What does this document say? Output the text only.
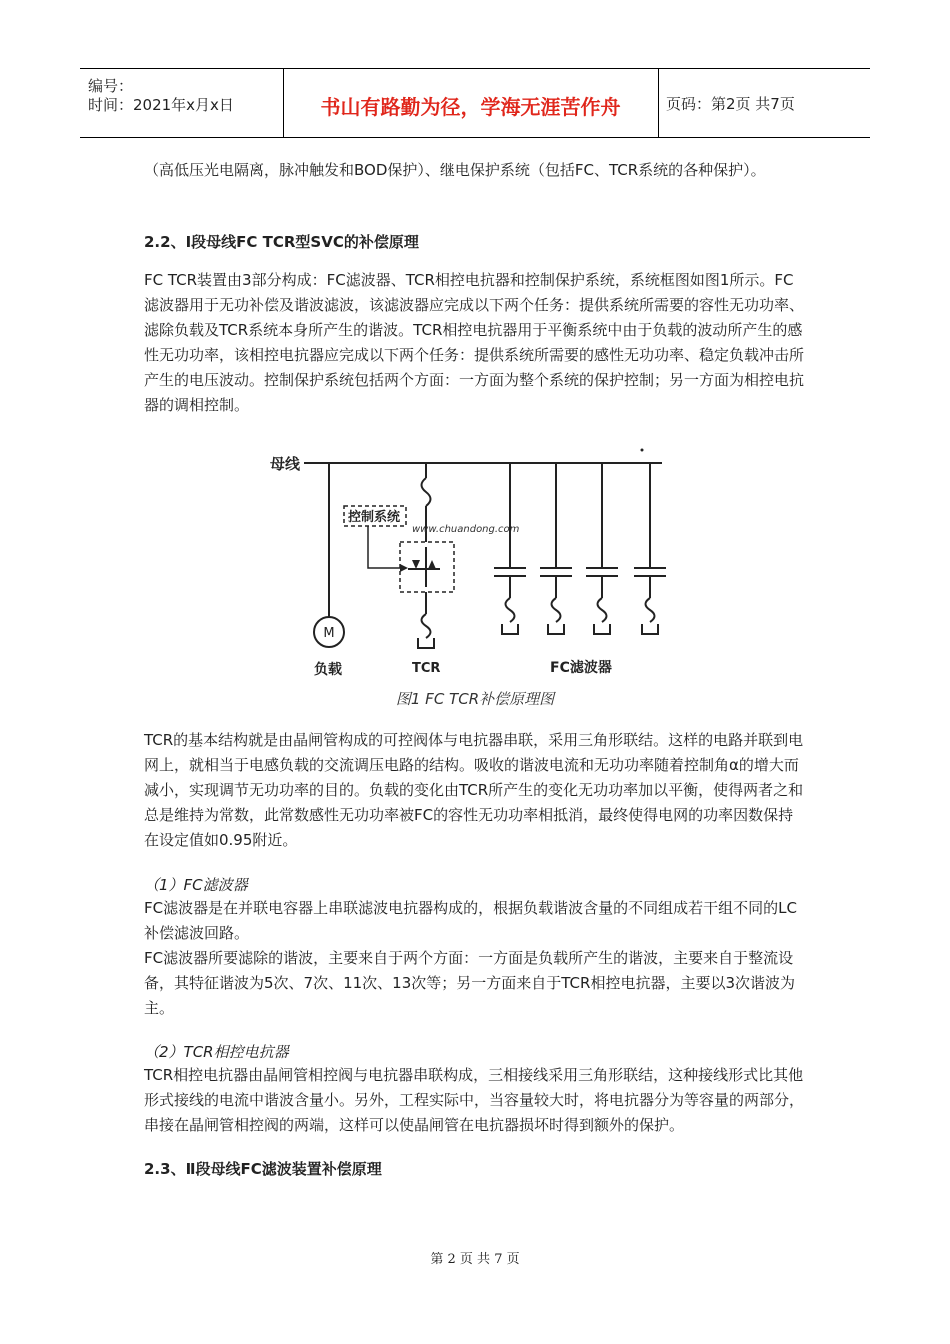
编号：
时间：2021年x月x日	书山有路勤为径，学海无涯苦作舟	页码：第2页 共7页
（高低压光电隔离，脉冲触发和BOD保护）、继电保护系统（包括FC、TCR系统的各种保护）。
2.2、I段母线FC TCR型SVC的补偿原理
FC TCR装置由3部分构成：FC滤波器、TCR相控电抗器和控制保护系统，系统框图如图1所示。FC滤波器用于无功补偿及谐波滤波，该滤波器应完成以下两个任务：提供系统所需要的容性无功功率、滤除负载及TCR系统本身所产生的谐波。TCR相控电抗器用于平衡系统中由于负载的波动所产生的感性无功功率，该相控电抗器应完成以下两个任务：提供系统所需要的感性无功功率、稳定负载冲击所产生的电压波动。控制保护系统包括两个方面：一方面为整个系统的保护控制；另一方面为相控电抗器的调相控制。
母线
M
负载	TCR
控制系统
www.chuandong.com
FC滤波器
图1 FC TCR补偿原理图
TCR的基本结构就是由晶闸管构成的可控阀体与电抗器串联，采用三角形联结。这样的电路并联到电网上，就相当于电感负载的交流调压电路的结构。吸收的谐波电流和无功功率随着控制角α的增大而减小，实现调节无功功率的目的。负载的变化由TCR所产生的变化无功功率加以平衡，使得两者之和总是维持为常数，此常数感性无功功率被FC的容性无功功率相抵消，最终使得电网的功率因数保持在设定值如0.95附近。
（1）FC滤波器
FC滤波器是在并联电容器上串联滤波电抗器构成的，根据负载谐波含量的不同组成若干组不同的LC补偿滤波回路。
FC滤波器所要滤除的谐波，主要来自于两个方面：一方面是负载所产生的谐波，主要来自于整流设备，其特征谐波为5次、7次、11次、13次等；另一方面来自于TCR相控电抗器，主要以3次谐波为主。
（2）TCR相控电抗器
TCR相控电抗器由晶闸管相控阀与电抗器串联构成，三相接线采用三角形联结，这种接线形式比其他形式接线的电流中谐波含量小。另外，工程实际中，当容量较大时，将电抗器分为等容量的两部分，串接在晶闸管相控阀的两端，这样可以使晶闸管在电抗器损坏时得到额外的保护。
2.3、Ⅱ段母线FC滤波装置补偿原理
第 2 页 共 7 页
